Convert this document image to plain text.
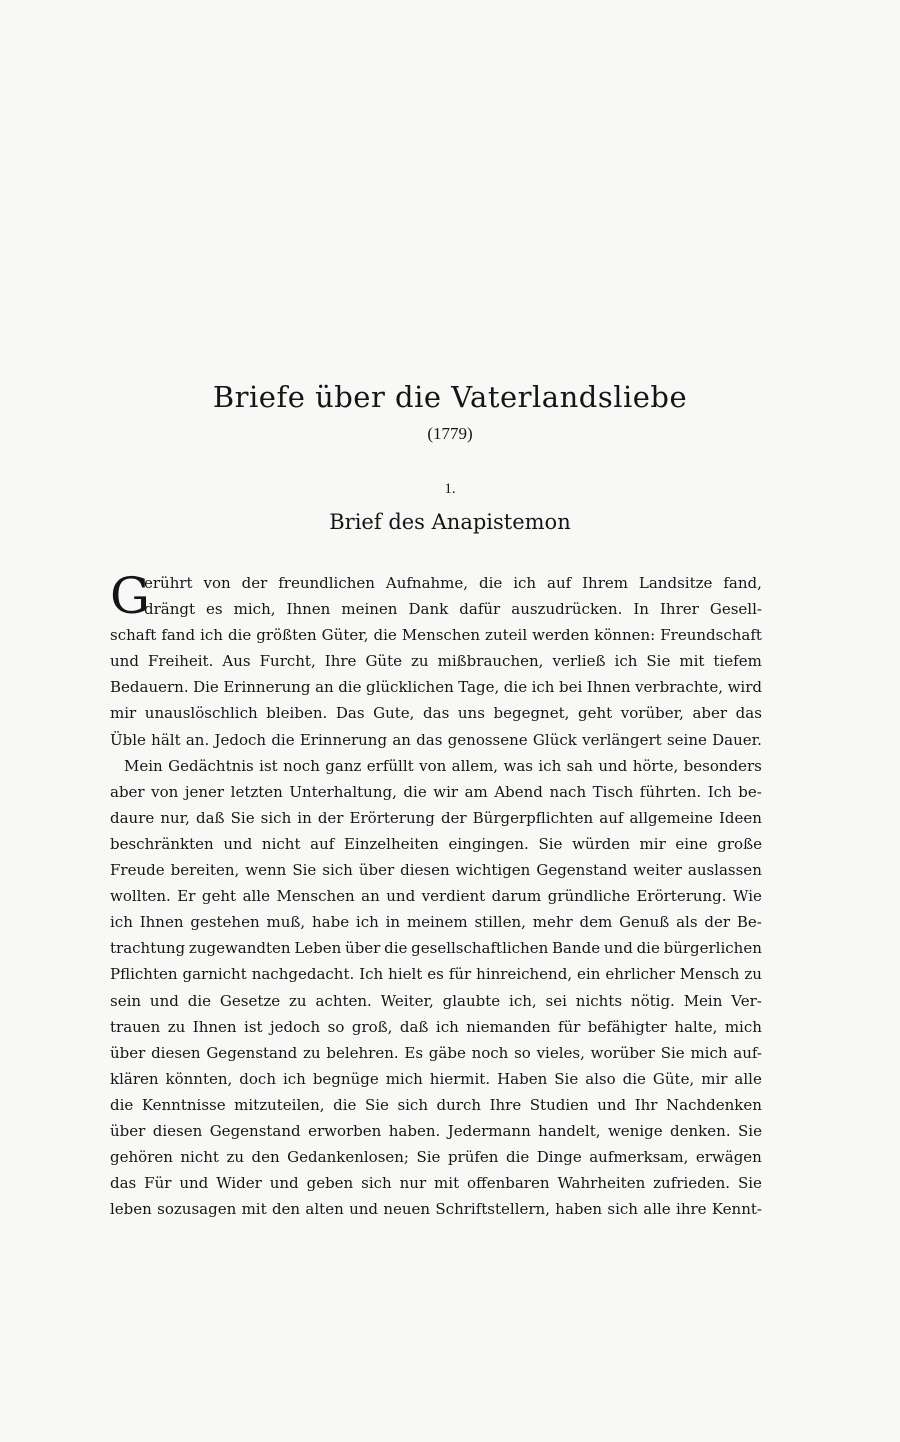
Briefe über die Vaterlandsliebe
(1779)
1.
Brief des Anapistemon
G
erührt von der freundlichen Aufnahme, die ich auf Ihrem Landsitze fand,
drängt es mich, Ihnen meinen Dank dafür auszudrücken. In Ihrer Gesell-
schaft fand ich die größten Güter, die Menschen zuteil werden können: Freundschaft
und Freiheit. Aus Furcht, Ihre Güte zu mißbrauchen, verließ ich Sie mit tiefem
Bedauern. Die Erinnerung an die glücklichen Tage, die ich bei Ihnen verbrachte, wird
mir unauslöschlich bleiben. Das Gute, das uns begegnet, geht vorüber, aber das
Üble hält an. Jedoch die Erinnerung an das genossene Glück verlängert seine Dauer.
Mein Gedächtnis ist noch ganz erfüllt von allem, was ich sah und hörte, besonders
aber von jener letzten Unterhaltung, die wir am Abend nach Tisch führten. Ich be-
daure nur, daß Sie sich in der Erörterung der Bürgerpflichten auf allgemeine Ideen
beschränkten und nicht auf Einzelheiten eingingen. Sie würden mir eine große
Freude bereiten, wenn Sie sich über diesen wichtigen Gegenstand weiter auslassen
wollten. Er geht alle Menschen an und verdient darum gründliche Erörterung. Wie
ich Ihnen gestehen muß, habe ich in meinem stillen, mehr dem Genuß als der Be-
trachtung zugewandten Leben über die gesellschaftlichen Bande und die bürgerlichen
Pflichten garnicht nachgedacht. Ich hielt es für hinreichend, ein ehrlicher Mensch zu
sein und die Gesetze zu achten. Weiter, glaubte ich, sei nichts nötig. Mein Ver-
trauen zu Ihnen ist jedoch so groß, daß ich niemanden für befähigter halte, mich
über diesen Gegenstand zu belehren. Es gäbe noch so vieles, worüber Sie mich auf-
klären könnten, doch ich begnüge mich hiermit. Haben Sie also die Güte, mir alle
die Kenntnisse mitzuteilen, die Sie sich durch Ihre Studien und Ihr Nachdenken
über diesen Gegenstand erworben haben. Jedermann handelt, wenige denken. Sie
gehören nicht zu den Gedankenlosen; Sie prüfen die Dinge aufmerksam, erwägen
das Für und Wider und geben sich nur mit offenbaren Wahrheiten zufrieden. Sie
leben sozusagen mit den alten und neuen Schriftstellern, haben sich alle ihre Kennt-
